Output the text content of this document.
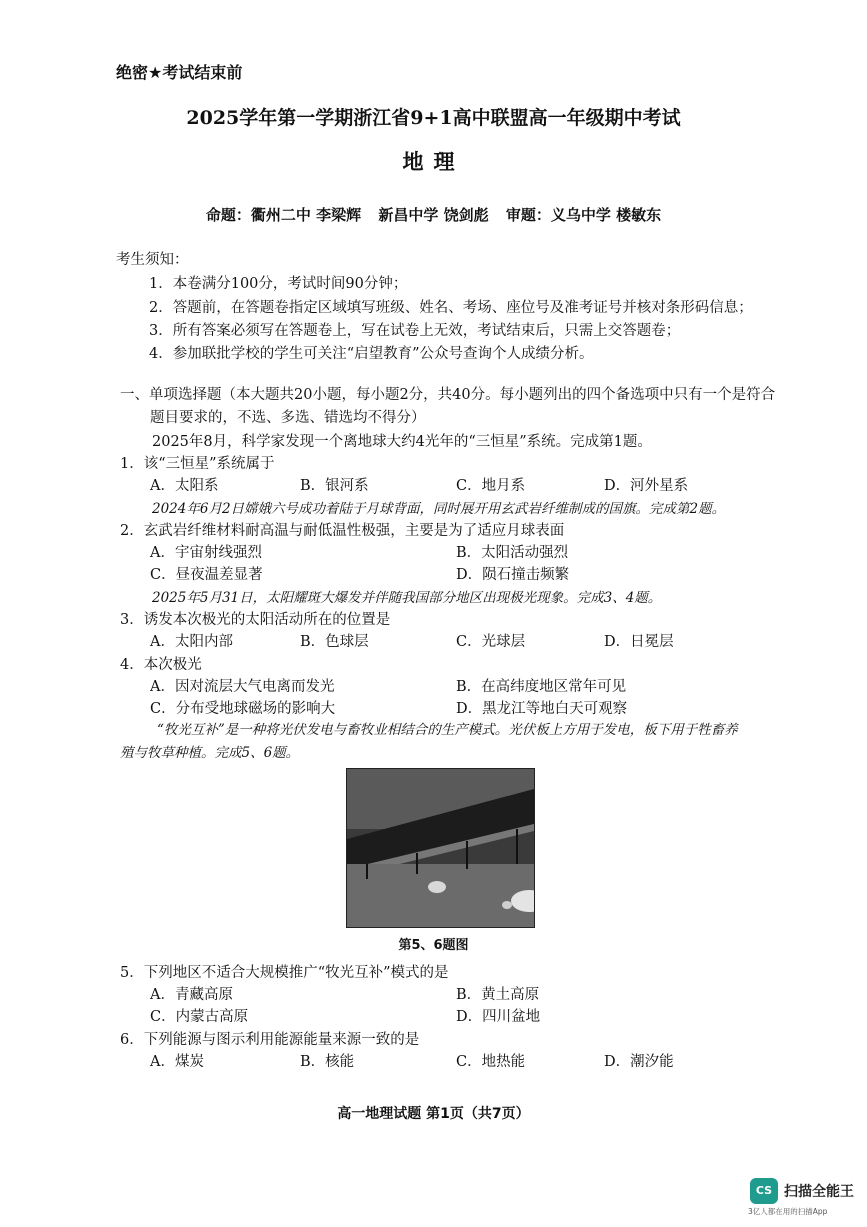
绝密★考试结束前
2025学年第一学期浙江省9+1高中联盟高一年级期中考试
地理
命题：衢州二中 李梁辉 新昌中学 饶剑彪 审题：义乌中学 楼敏东
考生须知：
1．本卷满分100分，考试时间90分钟；
2．答题前，在答题卷指定区域填写班级、姓名、考场、座位号及准考证号并核对条形码信息；
3．所有答案必须写在答题卷上，写在试卷上无效，考试结束后，只需上交答题卷；
4．参加联批学校的学生可关注“启望教育”公众号查询个人成绩分析。
一、单项选择题（本大题共20小题，每小题2分，共40分。每小题列出的四个备选项中只有一个是符合
题目要求的，不选、多选、错选均不得分）
2025年8月，科学家发现一个离地球大约4光年的“三恒星”系统。完成第1题。
1．该“三恒星”系统属于
A．太阳系	B．银河系	C．地月系	D．河外星系
2024年6月2日嫦娥六号成功着陆于月球背面，同时展开用玄武岩纤维制成的国旗。完成第2题。
2．玄武岩纤维材料耐高温与耐低温性极强，主要是为了适应月球表面
A．宇宙射线强烈	B．太阳活动强烈
C．昼夜温差显著	D．陨石撞击频繁
2025年5月31日，太阳耀斑大爆发并伴随我国部分地区出现极光现象。完成3、4题。
3．诱发本次极光的太阳活动所在的位置是
A．太阳内部	B．色球层	C．光球层	D．日冕层
4．本次极光
A．因对流层大气电离而发光	B．在高纬度地区常年可见
C．分布受地球磁场的影响大	D．黑龙江等地白天可观察
“牧光互补”是一种将光伏发电与畜牧业相结合的生产模式。光伏板上方用于发电，板下用于牲畜养
殖与牧草种植。完成5、6题。
第5、6题图
5．下列地区不适合大规模推广“牧光互补”模式的是
A．青藏高原	B．黄土高原
C．内蒙古高原	D．四川盆地
6．下列能源与图示利用能源能量来源一致的是
A．煤炭	B．核能	C．地热能	D．潮汐能
高一地理试题 第1页（共7页）
CS 扫描全能王
3亿人都在用的扫描App
